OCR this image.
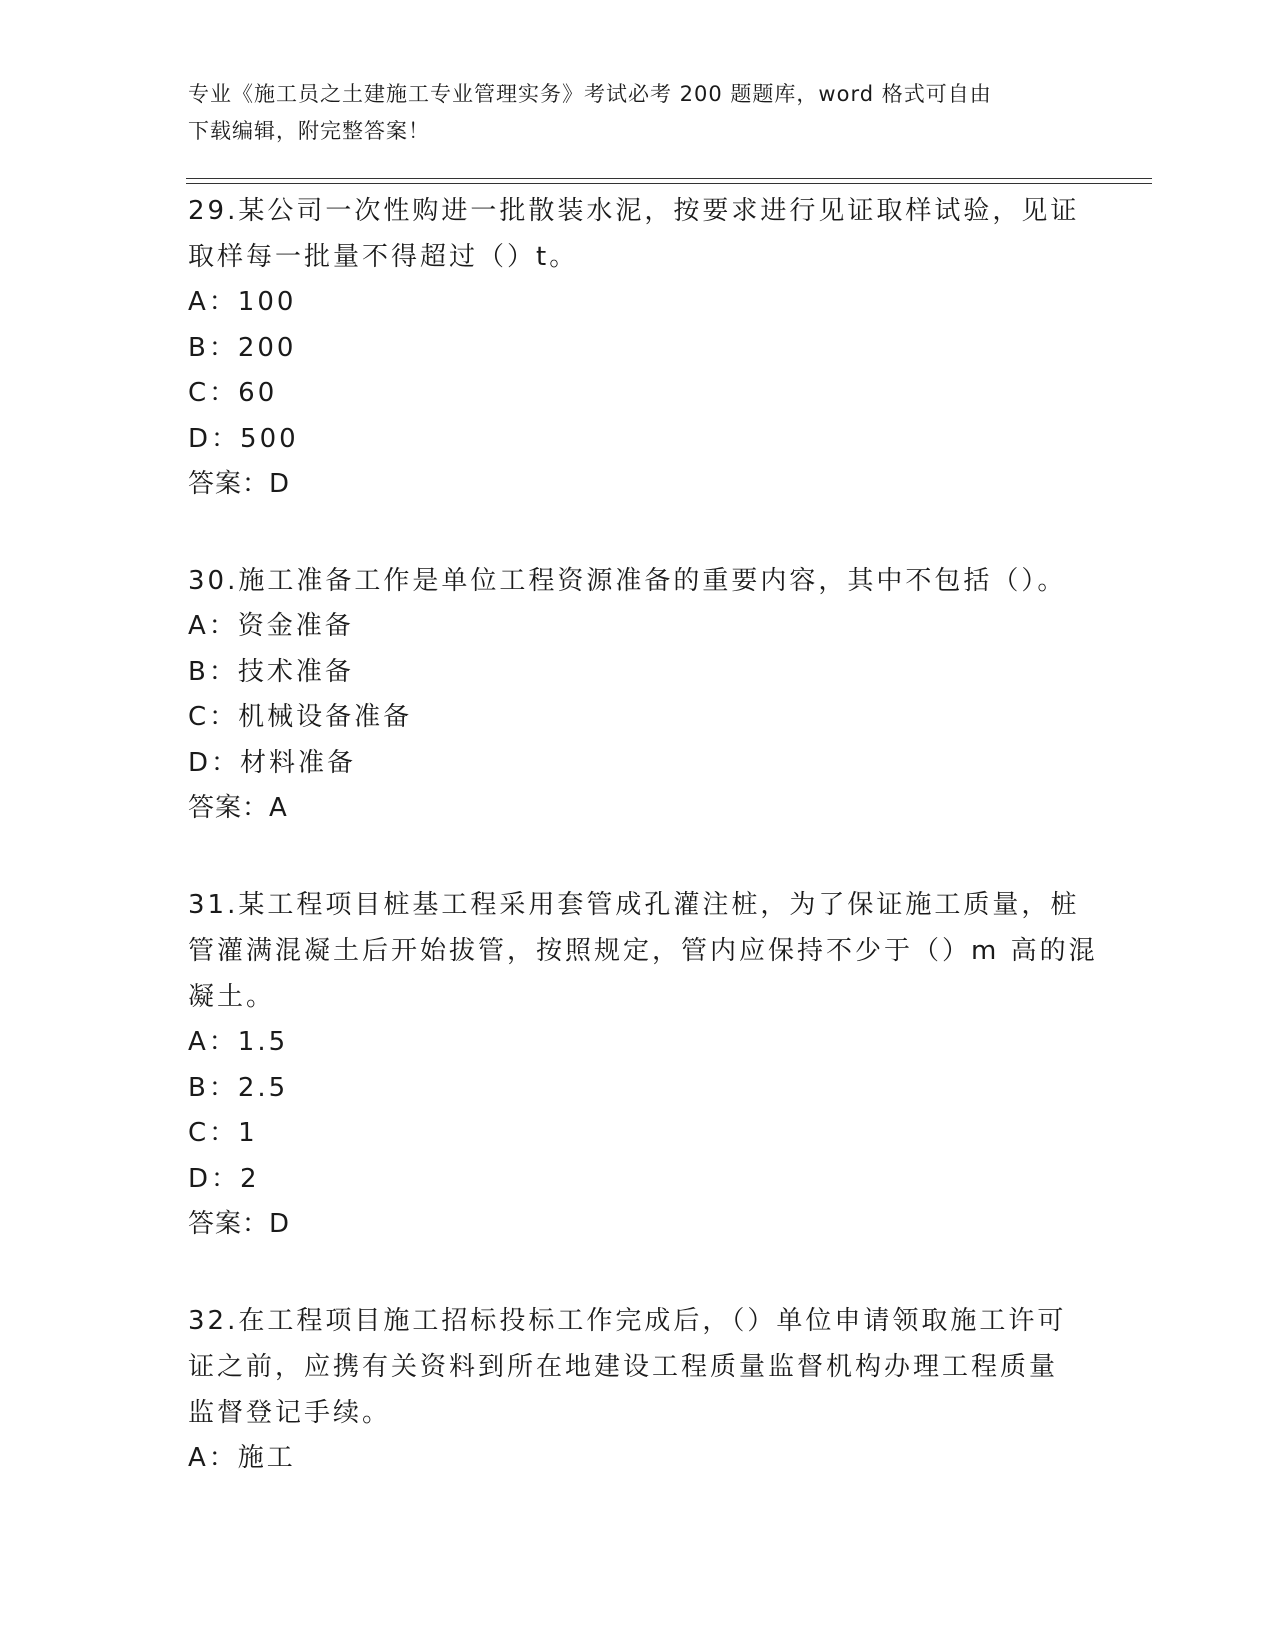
专业《施工员之土建施工专业管理实务》考试必考 200 题题库，word 格式可自由
下载编辑，附完整答案！
29.某公司一次性购进一批散装水泥，按要求进行见证取样试验，见证
取样每一批量不得超过（）t。
A：100
B：200
C：60
D：500
答案：D
30.施工准备工作是单位工程资源准备的重要内容，其中不包括（）。
A：资金准备
B：技术准备
C：机械设备准备
D：材料准备
答案：A
31.某工程项目桩基工程采用套管成孔灌注桩，为了保证施工质量，桩
管灌满混凝土后开始拔管，按照规定，管内应保持不少于（）m 高的混
凝土。
A：1.5
B：2.5
C：1
D：2
答案：D
32.在工程项目施工招标投标工作完成后，（）单位申请领取施工许可
证之前，应携有关资料到所在地建设工程质量监督机构办理工程质量
监督登记手续。
A：施工
